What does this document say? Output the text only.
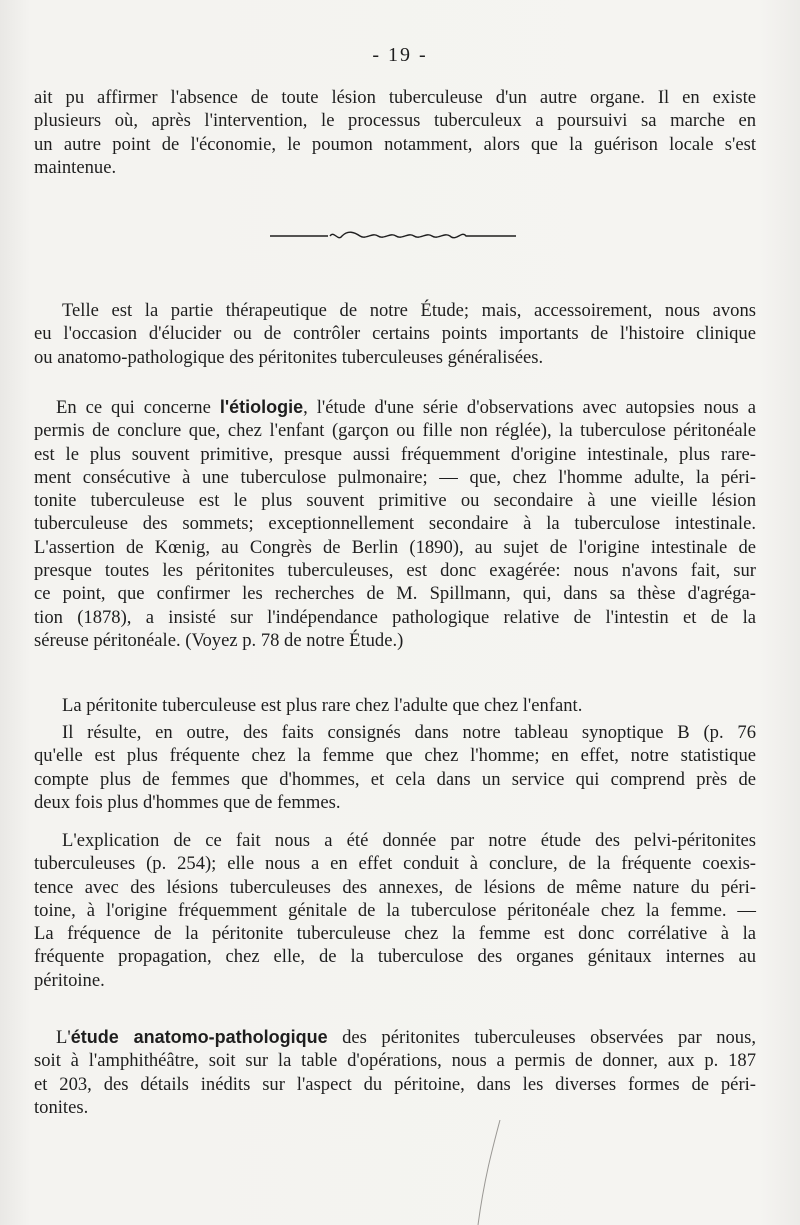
- 19 -
ait pu affirmer l'absence de toute lésion tuberculeuse d'un autre organe. Il en existe
plusieurs où, après l'intervention, le processus tuberculeux a poursuivi sa marche en
un autre point de l'économie, le poumon notamment, alors que la guérison locale s'est
maintenue.
Telle est la partie thérapeutique de notre Étude; mais, accessoirement, nous avons
eu l'occasion d'élucider ou de contrôler certains points importants de l'histoire clinique
ou anatomo-pathologique des péritonites tuberculeuses généralisées.
En ce qui concerne l'étiologie, l'étude d'une série d'observations avec autopsies nous a
permis de conclure que, chez l'enfant (garçon ou fille non réglée), la tuberculose péritonéale
est le plus souvent primitive, presque aussi fréquemment d'origine intestinale, plus rare-
ment consécutive à une tuberculose pulmonaire; — que, chez l'homme adulte, la péri-
tonite tuberculeuse est le plus souvent primitive ou secondaire à une vieille lésion
tuberculeuse des sommets; exceptionnellement secondaire à la tuberculose intestinale.
L'assertion de Kœnig, au Congrès de Berlin (1890), au sujet de l'origine intestinale de
presque toutes les péritonites tuberculeuses, est donc exagérée: nous n'avons fait, sur
ce point, que confirmer les recherches de M. Spillmann, qui, dans sa thèse d'agréga-
tion (1878), a insisté sur l'indépendance pathologique relative de l'intestin et de la
séreuse péritonéale. (Voyez p. 78 de notre Étude.)
La péritonite tuberculeuse est plus rare chez l'adulte que chez l'enfant.
Il résulte, en outre, des faits consignés dans notre tableau synoptique B (p. 76
qu'elle est plus fréquente chez la femme que chez l'homme; en effet, notre statistique
compte plus de femmes que d'hommes, et cela dans un service qui comprend près de
deux fois plus d'hommes que de femmes.
L'explication de ce fait nous a été donnée par notre étude des pelvi-péritonites
tuberculeuses (p. 254); elle nous a en effet conduit à conclure, de la fréquente coexis-
tence avec des lésions tuberculeuses des annexes, de lésions de même nature du péri-
toine, à l'origine fréquemment génitale de la tuberculose péritonéale chez la femme. —
La fréquence de la péritonite tuberculeuse chez la femme est donc corrélative à la
fréquente propagation, chez elle, de la tuberculose des organes génitaux internes au
péritoine.
L'étude anatomo-pathologique des péritonites tuberculeuses observées par nous,
soit à l'amphithéâtre, soit sur la table d'opérations, nous a permis de donner, aux p. 187
et 203, des détails inédits sur l'aspect du péritoine, dans les diverses formes de péri-
tonites.
